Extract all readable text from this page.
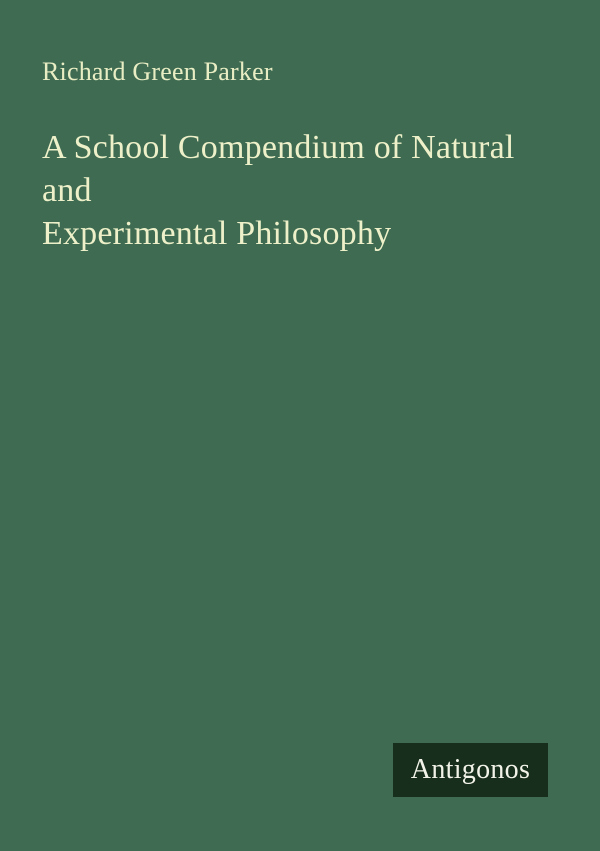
Richard Green Parker
A School Compendium of Natural and
Experimental Philosophy
Antigonos
